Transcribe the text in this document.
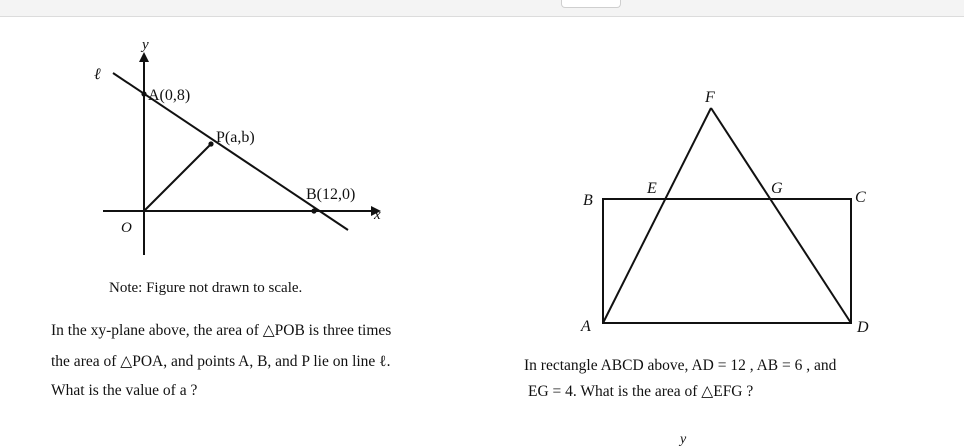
y
x
ℓ
O
A(0,8)
P(a,b)
B(12,0)
F
B
E	G
C
A	D
Note: Figure not drawn to scale.
In the xy-plane above, the area of △POB is three times
the area of △POA, and points A, B, and P lie on line ℓ.
What is the value of a ?
In rectangle ABCD above, AD = 12 , AB = 6 , and
EG = 4. What is the area of △EFG ?
y
